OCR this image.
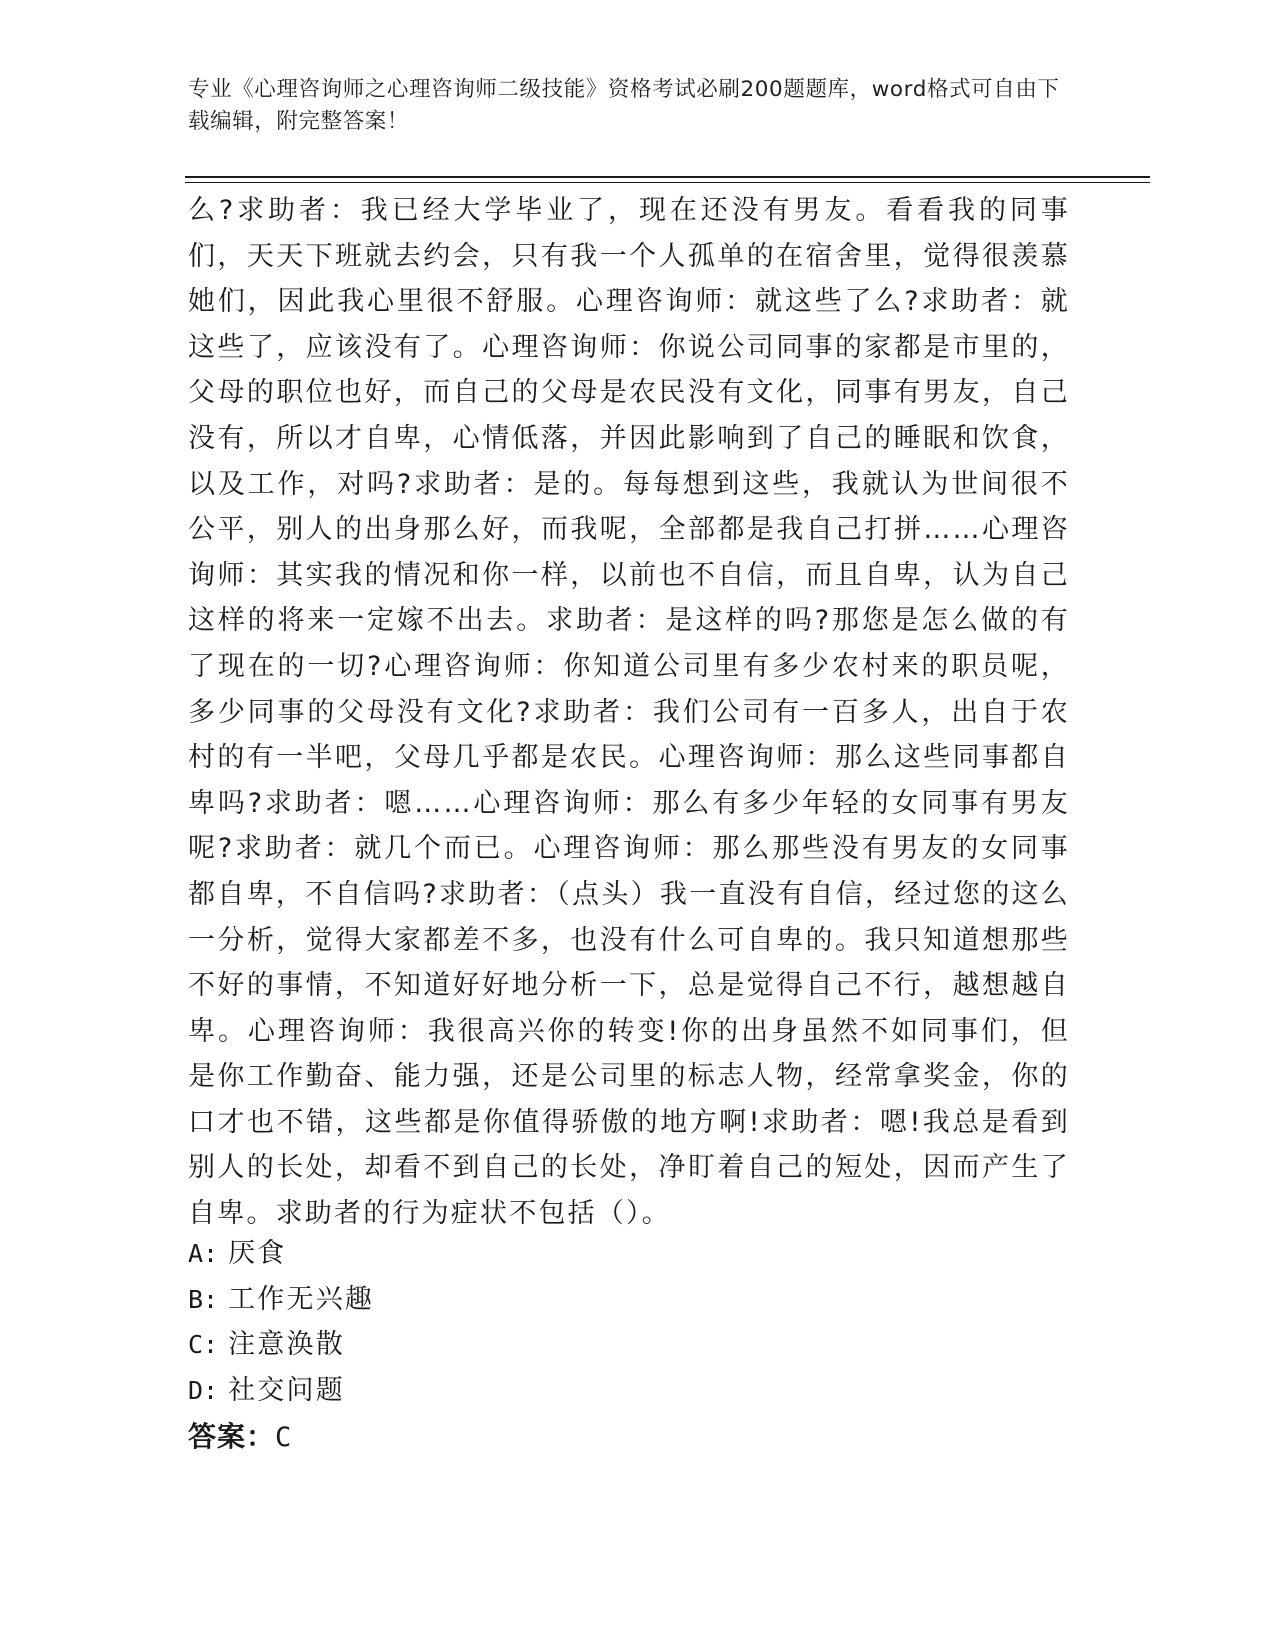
专业《心理咨询师之心理咨询师二级技能》资格考试必刷200题题库，word格式可自由下载编辑，附完整答案！
么?求助者：我已经大学毕业了，现在还没有男友。看看我的同事们，天天下班就去约会，只有我一个人孤单的在宿舍里，觉得很羡慕她们，因此我心里很不舒服。心理咨询师：就这些了么?求助者：就这些了，应该没有了。心理咨询师：你说公司同事的家都是市里的，父母的职位也好，而自己的父母是农民没有文化，同事有男友，自己没有，所以才自卑，心情低落，并因此影响到了自己的睡眠和饮食，以及工作，对吗?求助者：是的。每每想到这些，我就认为世间很不公平，别人的出身那么好，而我呢，全部都是我自己打拼……心理咨询师：其实我的情况和你一样，以前也不自信，而且自卑，认为自己这样的将来一定嫁不出去。求助者：是这样的吗?那您是怎么做的有了现在的一切?心理咨询师：你知道公司里有多少农村来的职员呢，多少同事的父母没有文化?求助者：我们公司有一百多人，出自于农村的有一半吧，父母几乎都是农民。心理咨询师：那么这些同事都自卑吗?求助者：嗯……心理咨询师：那么有多少年轻的女同事有男友呢?求助者：就几个而已。心理咨询师：那么那些没有男友的女同事都自卑，不自信吗?求助者：（点头）我一直没有自信，经过您的这么一分析，觉得大家都差不多，也没有什么可自卑的。我只知道想那些不好的事情，不知道好好地分析一下，总是觉得自己不行，越想越自卑。心理咨询师：我很高兴你的转变!你的出身虽然不如同事们，但是你工作勤奋、能力强，还是公司里的标志人物，经常拿奖金，你的口才也不错，这些都是你值得骄傲的地方啊!求助者：嗯!我总是看到别人的长处，却看不到自己的长处，净盯着自己的短处，因而产生了自卑。求助者的行为症状不包括（）。
A: 厌食
B: 工作无兴趣
C: 注意涣散
D: 社交问题
答案：C
